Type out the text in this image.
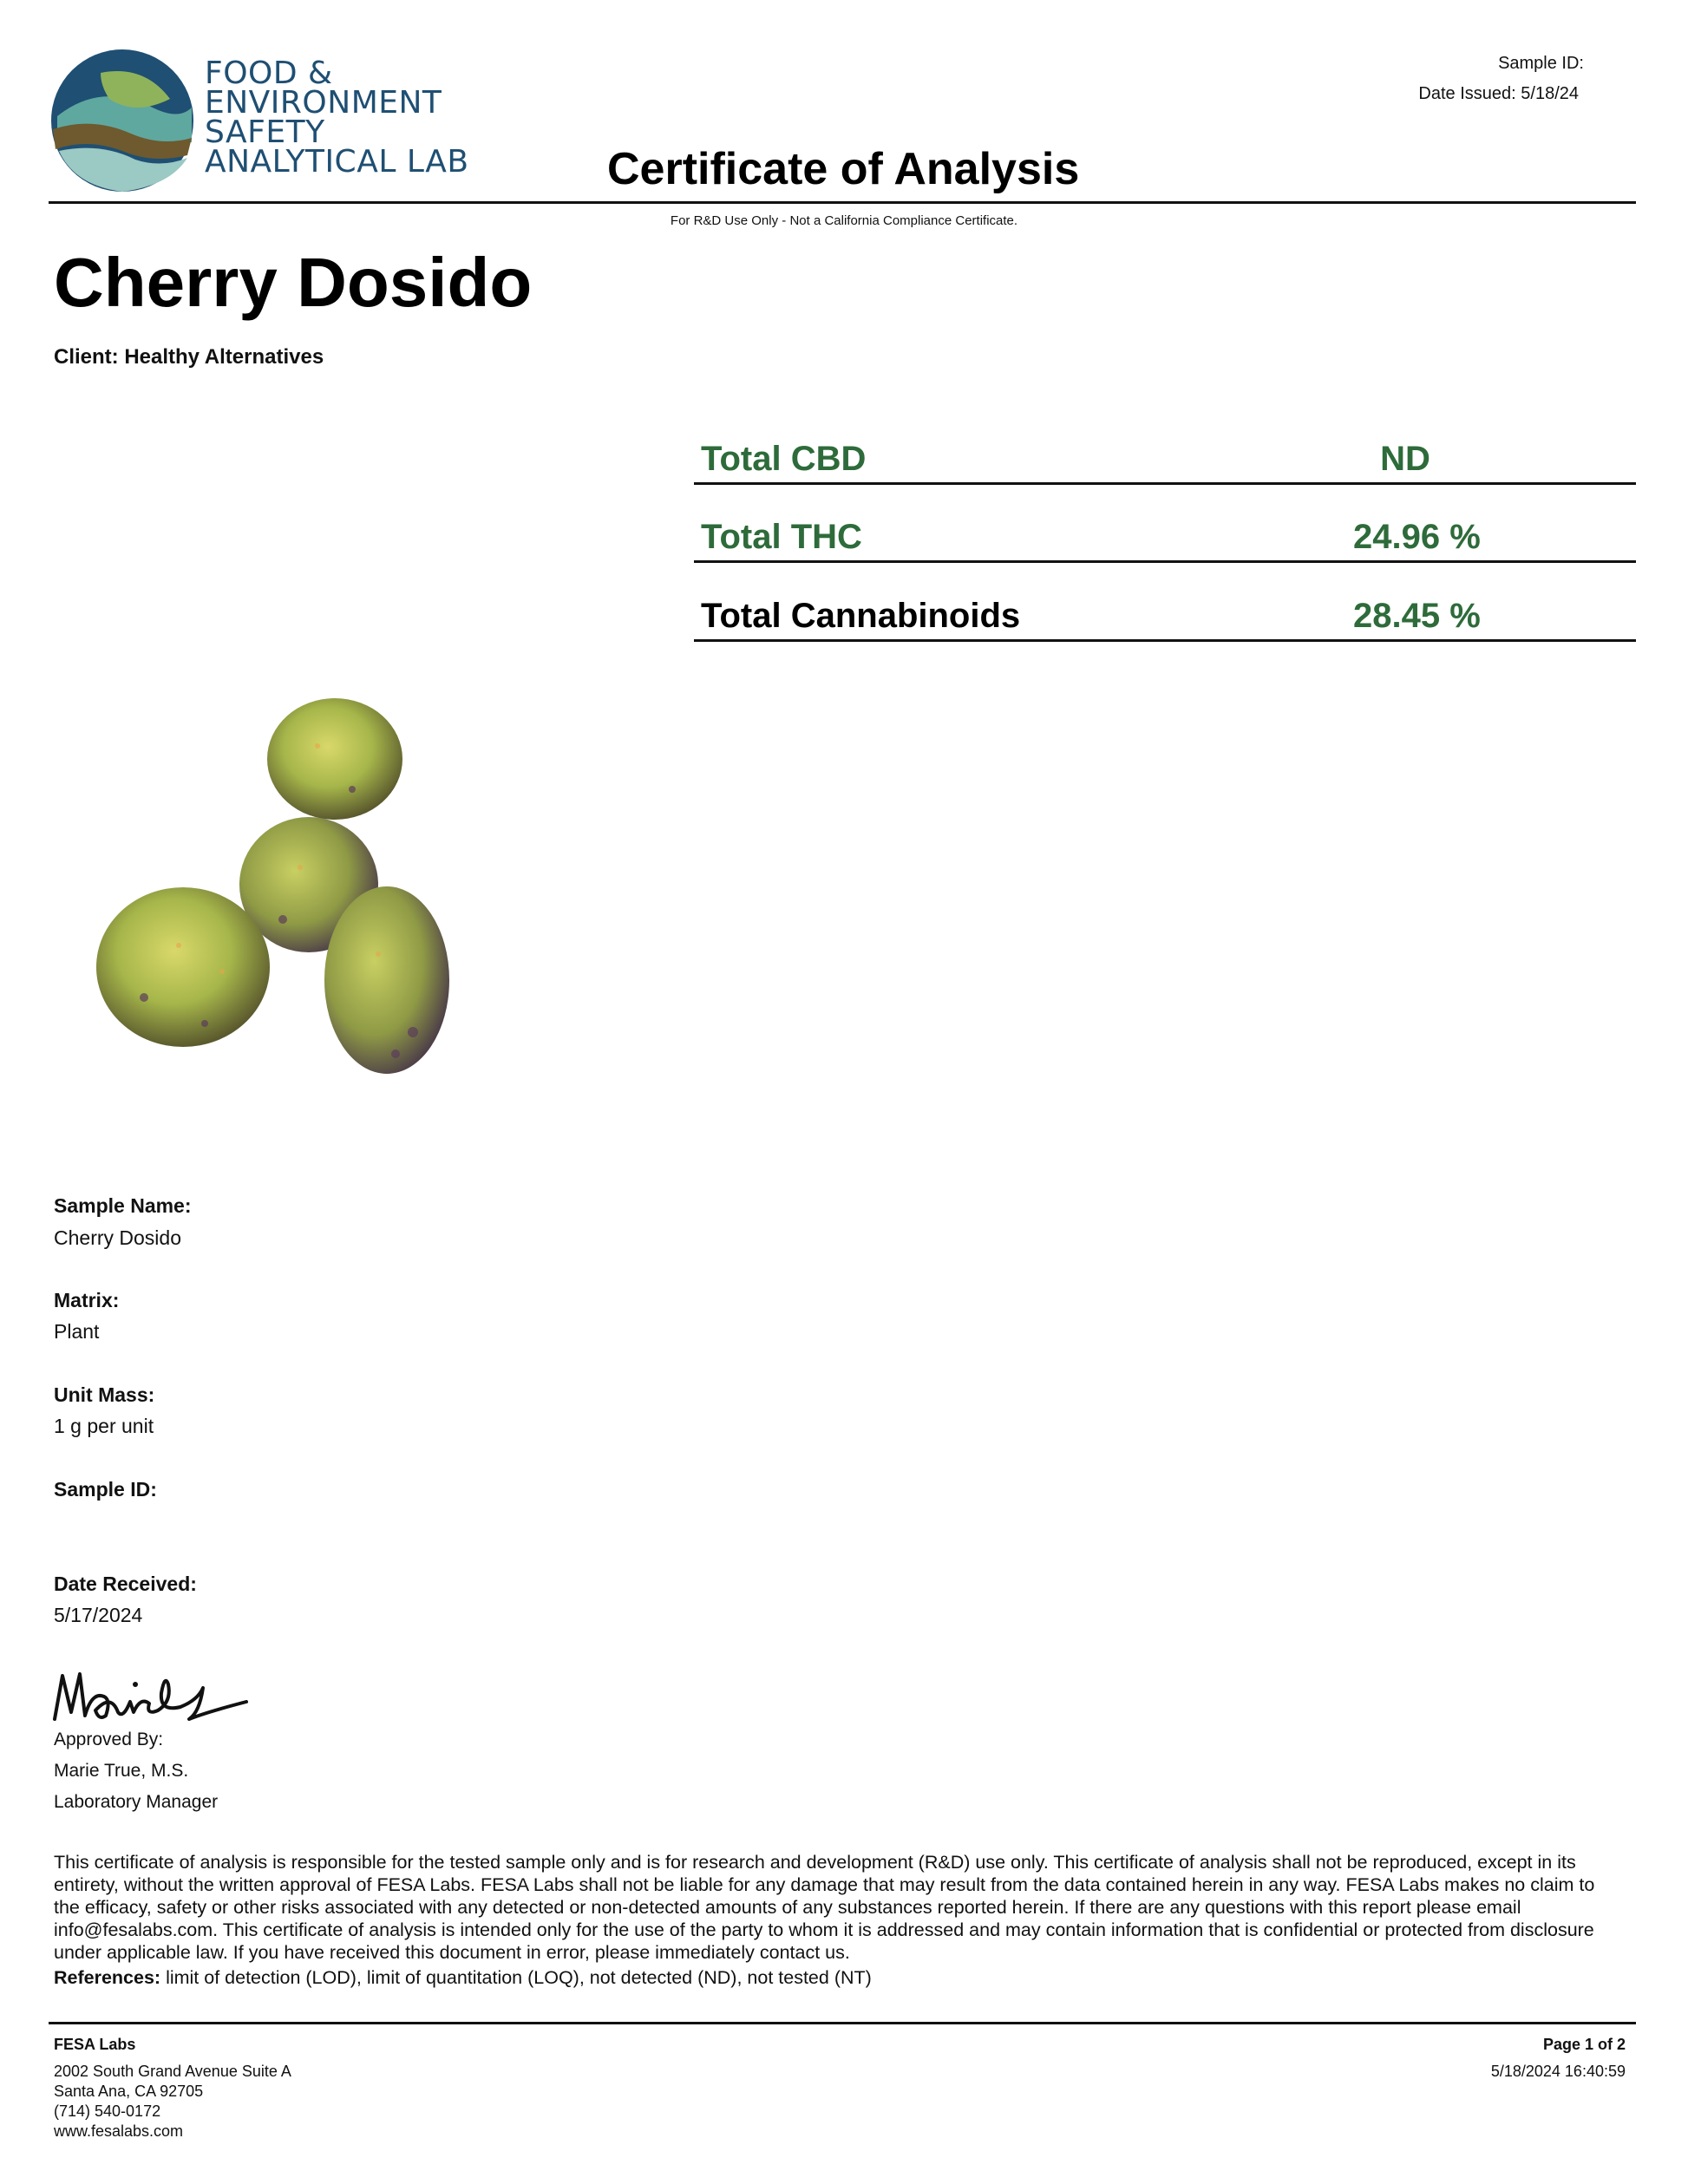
FOOD &
ENVIRONMENT
SAFETY
ANALYTICAL LAB	Certificate of Analysis
Sample ID:
Date Issued: 5/18/24
For R&D Use Only - Not a California Compliance Certificate.
Cherry Dosido
Client: Healthy Alternatives
Total CBD	ND
Total THC	24.96 %
Total Cannabinoids	28.45 %
Sample Name:
Cherry Dosido
Matrix:
Plant
Unit Mass:
1 g per unit
Sample ID:
Date Received:
5/17/2024
Approved By:
Marie True, M.S.
Laboratory Manager
This certificate of analysis is responsible for the tested sample only and is for research and development (R&D) use only. This certificate of analysis shall not be reproduced, except in its entirety, without the written approval of FESA Labs. FESA Labs shall not be liable for any damage that may result from the data contained herein in any way. FESA Labs makes no claim to the efficacy, safety or other risks associated with any detected or non-detected amounts of any substances reported herein. If there are any questions with this report please email info@fesalabs.com. This certificate of analysis is intended only for the use of the party to whom it is addressed and may contain information that is confidential or protected from disclosure under applicable law. If you have received this document in error, please immediately contact us.
References: limit of detection (LOD), limit of quantitation (LOQ), not detected (ND), not tested (NT)
FESA Labs
2002 South Grand Avenue Suite A
Santa Ana, CA 92705
(714) 540-0172
www.fesalabs.com
Page 1 of 2
5/18/2024 16:40:59
